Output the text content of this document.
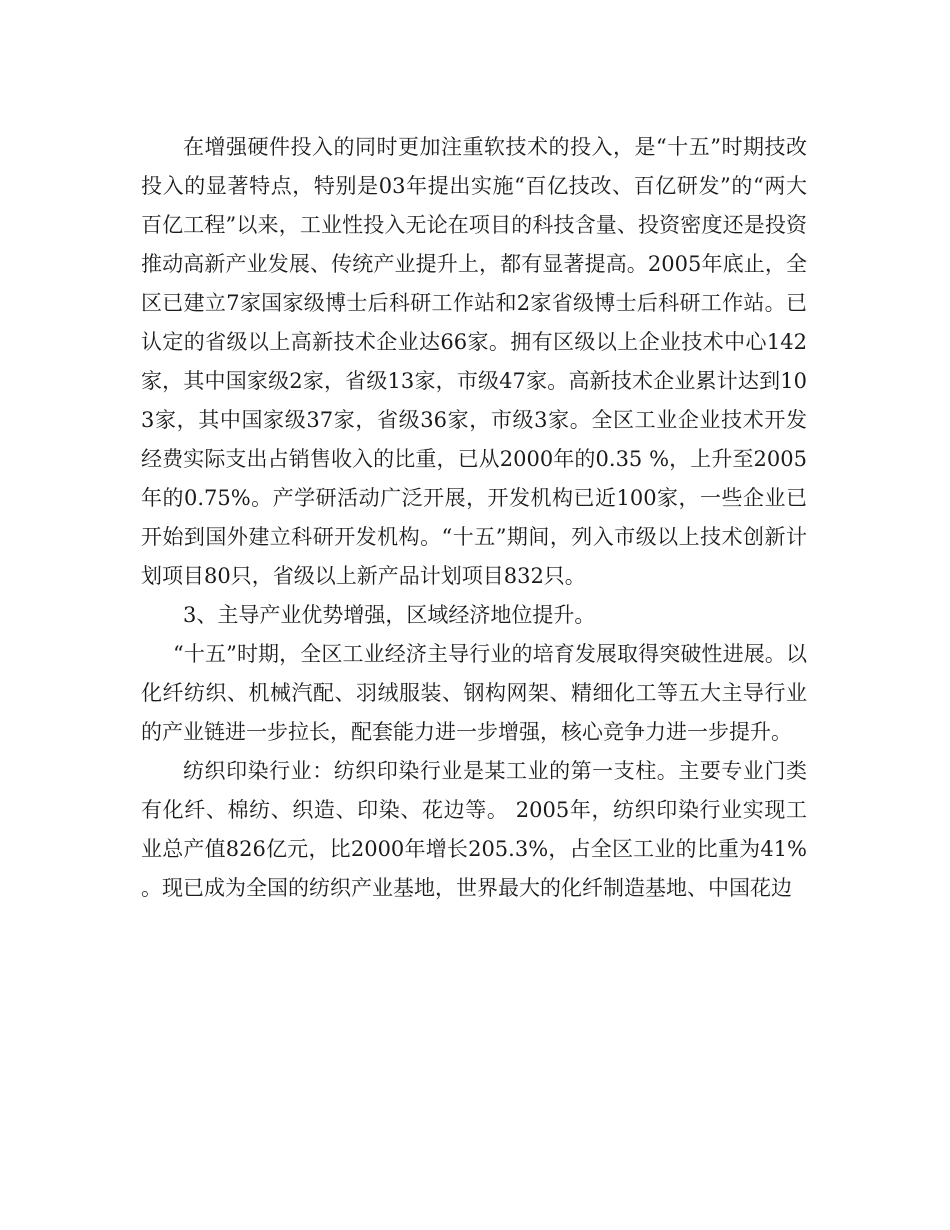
在增强硬件投入的同时更加注重软技术的投入，是“十五”时期技改投入的显著特点，特别是03年提出实施“百亿技改、百亿研发”的“两大百亿工程”以来，工业性投入无论在项目的科技含量、投资密度还是投资推动高新产业发展、传统产业提升上，都有显著提高。2005年底止，全区已建立7家国家级博士后科研工作站和2家省级博士后科研工作站。已认定的省级以上高新技术企业达66家。拥有区级以上企业技术中心142家，其中国家级2家，省级13家，市级47家。高新技术企业累计达到103家，其中国家级37家，省级36家，市级3家。全区工业企业技术开发经费实际支出占销售收入的比重，已从2000年的0.35 %，上升至2005年的0.75%。产学研活动广泛开展，开发机构已近100家，一些企业已开始到国外建立科研开发机构。“十五”期间，列入市级以上技术创新计划项目80只，省级以上新产品计划项目832只。

3、主导产业优势增强，区域经济地位提升。

“十五”时期，全区工业经济主导行业的培育发展取得突破性进展。以化纤纺织、机械汽配、羽绒服装、钢构网架、精细化工等五大主导行业的产业链进一步拉长，配套能力进一步增强，核心竞争力进一步提升。

纺织印染行业：纺织印染行业是某工业的第一支柱。主要专业门类有化纤、棉纺、织造、印染、花边等。 2005年，纺织印染行业实现工业总产值826亿元，比2000年增长205.3%，占全区工业的比重为41%。现已成为全国的纺织产业基地，世界最大的化纤制造基地、中国花边
